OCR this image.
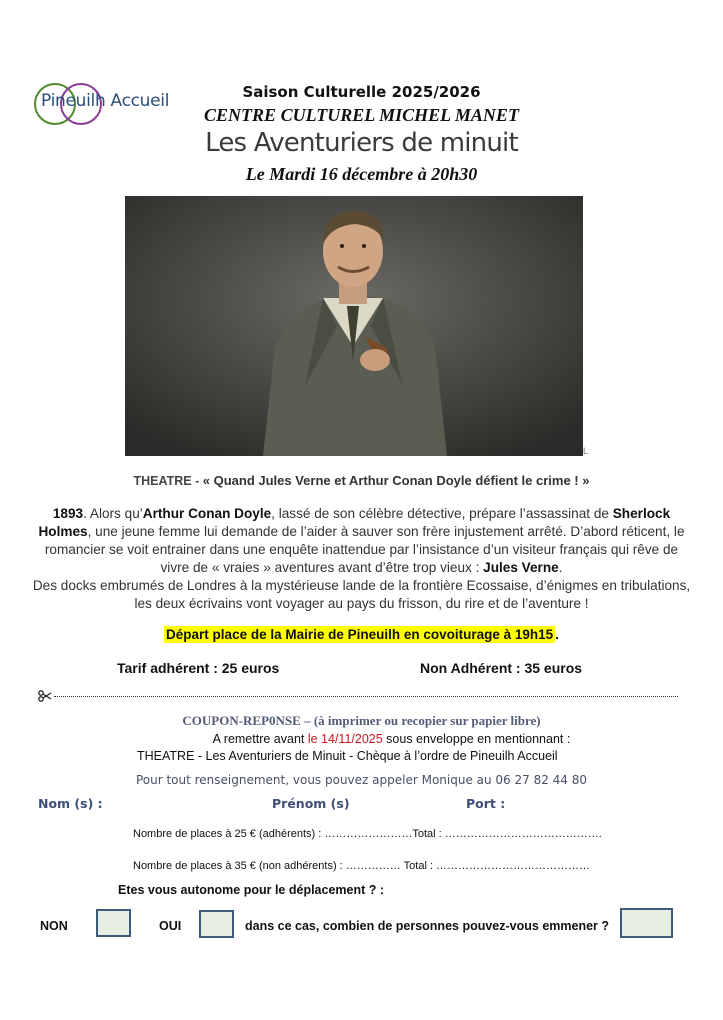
Pineuilh Accueil	Saison Culturelle 2025/2026
CENTRE CULTUREL MICHEL MANET
Les Aventuriers de minuit
Le Mardi 16 décembre à 20h30
L
THEATRE - « Quand Jules Verne et Arthur Conan Doyle défient le crime ! »
1893. Alors qu’Arthur Conan Doyle, lassé de son célèbre détective, prépare l’assassinat de Sherlock Holmes, une jeune femme lui demande de l’aider à sauver son frère injustement arrêté. D’abord réticent, le romancier se voit entrainer dans une enquête inattendue par l’insistance d’un visiteur français qui rêve de vivre de « vraies » aventures avant d’être trop vieux : Jules Verne.
Des docks embrumés de Londres à la mystérieuse lande de la frontière Ecossaise, d’énigmes en tribulations, les deux écrivains vont voyager au pays du frisson, du rire et de l’aventure !
Départ place de la Mairie de Pineuilh en covoiturage à 19h15 .
Tarif adhérent : 25 euros	Non Adhérent : 35 euros
COUPON-REP0NSE – (à imprimer ou recopier sur papier libre)
A remettre avant le 14/11/2025 sous enveloppe en mentionnant :
THEATRE - Les Aventuriers de Minuit - Chèque à l’ordre de Pineuilh Accueil
Pour tout renseignement, vous pouvez appeler Monique au 06 27 82 44 80
Nom (s) :	Prénom (s)	Port :
Nombre de places à 25 € (adhérents) : ……………………Total : …………………………………….
Nombre de places à 35 € (non adhérents) : …………… Total : ……………………………………
Etes vous autonome pour le déplacement ? :
NON	OUI	dans ce cas, combien de personnes pouvez-vous emmener ?
